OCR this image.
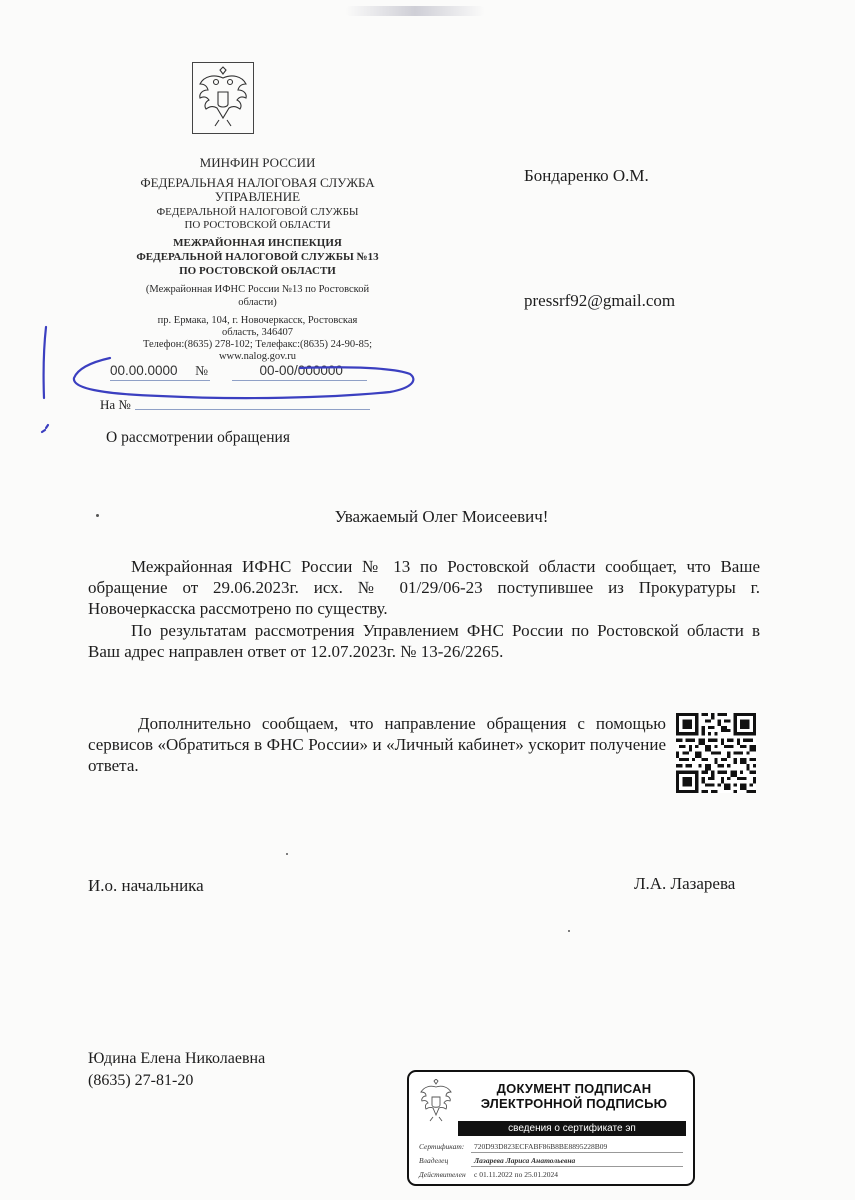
МИНФИН РОССИИ
ФЕДЕРАЛЬНАЯ НАЛОГОВАЯ СЛУЖБА
УПРАВЛЕНИЕ
ФЕДЕРАЛЬНОЙ НАЛОГОВОЙ СЛУЖБЫ
ПО РОСТОВСКОЙ ОБЛАСТИ
МЕЖРАЙОННАЯ ИНСПЕКЦИЯ
ФЕДЕРАЛЬНОЙ НАЛОГОВОЙ СЛУЖБЫ №13
ПО РОСТОВСКОЙ ОБЛАСТИ
(Межрайонная ИФНС России №13 по Ростовской
области)
пр. Ермака, 104, г. Новочеркасск, Ростовская
область, 346407
Телефон:(8635) 278-102; Телефакс:(8635) 24-90-85;
www.nalog.gov.ru
00.00.0000 №	00-00/000000
На №
О рассмотрении обращения
Бондаренко О.М.
pressrf92@gmail.com
Уважаемый Олег Моисеевич!
Межрайонная ИФНС России № 13 по Ростовской области сообщает, что Ваше обращение от 29.06.2023г. исх. № 01/29/06-23 поступившее из Прокуратуры г. Новочеркасска рассмотрено по существу.
По результатам рассмотрения Управлением ФНС России по Ростовской области в Ваш адрес направлен ответ от 12.07.2023г. № 13-26/2265.
Дополнительно сообщаем, что направление обращения с помощью сервисов «Обратиться в ФНС России» и «Личный кабинет» ускорит получение ответа.
И.о. начальника	Л.А. Лазарева
Юдина Елена Николаевна
(8635) 27-81-20	ДОКУМЕНТ ПОДПИСАН
ЭЛЕКТРОННОЙ ПОДПИСЬЮ
сведения о сертификате эп
Сертификат: 720D93D823ECFABF86B8BE8895228B09
Владелец	Лазарева Лариса Анатольевна
Действителен с 01.11.2022 по 25.01.2024
